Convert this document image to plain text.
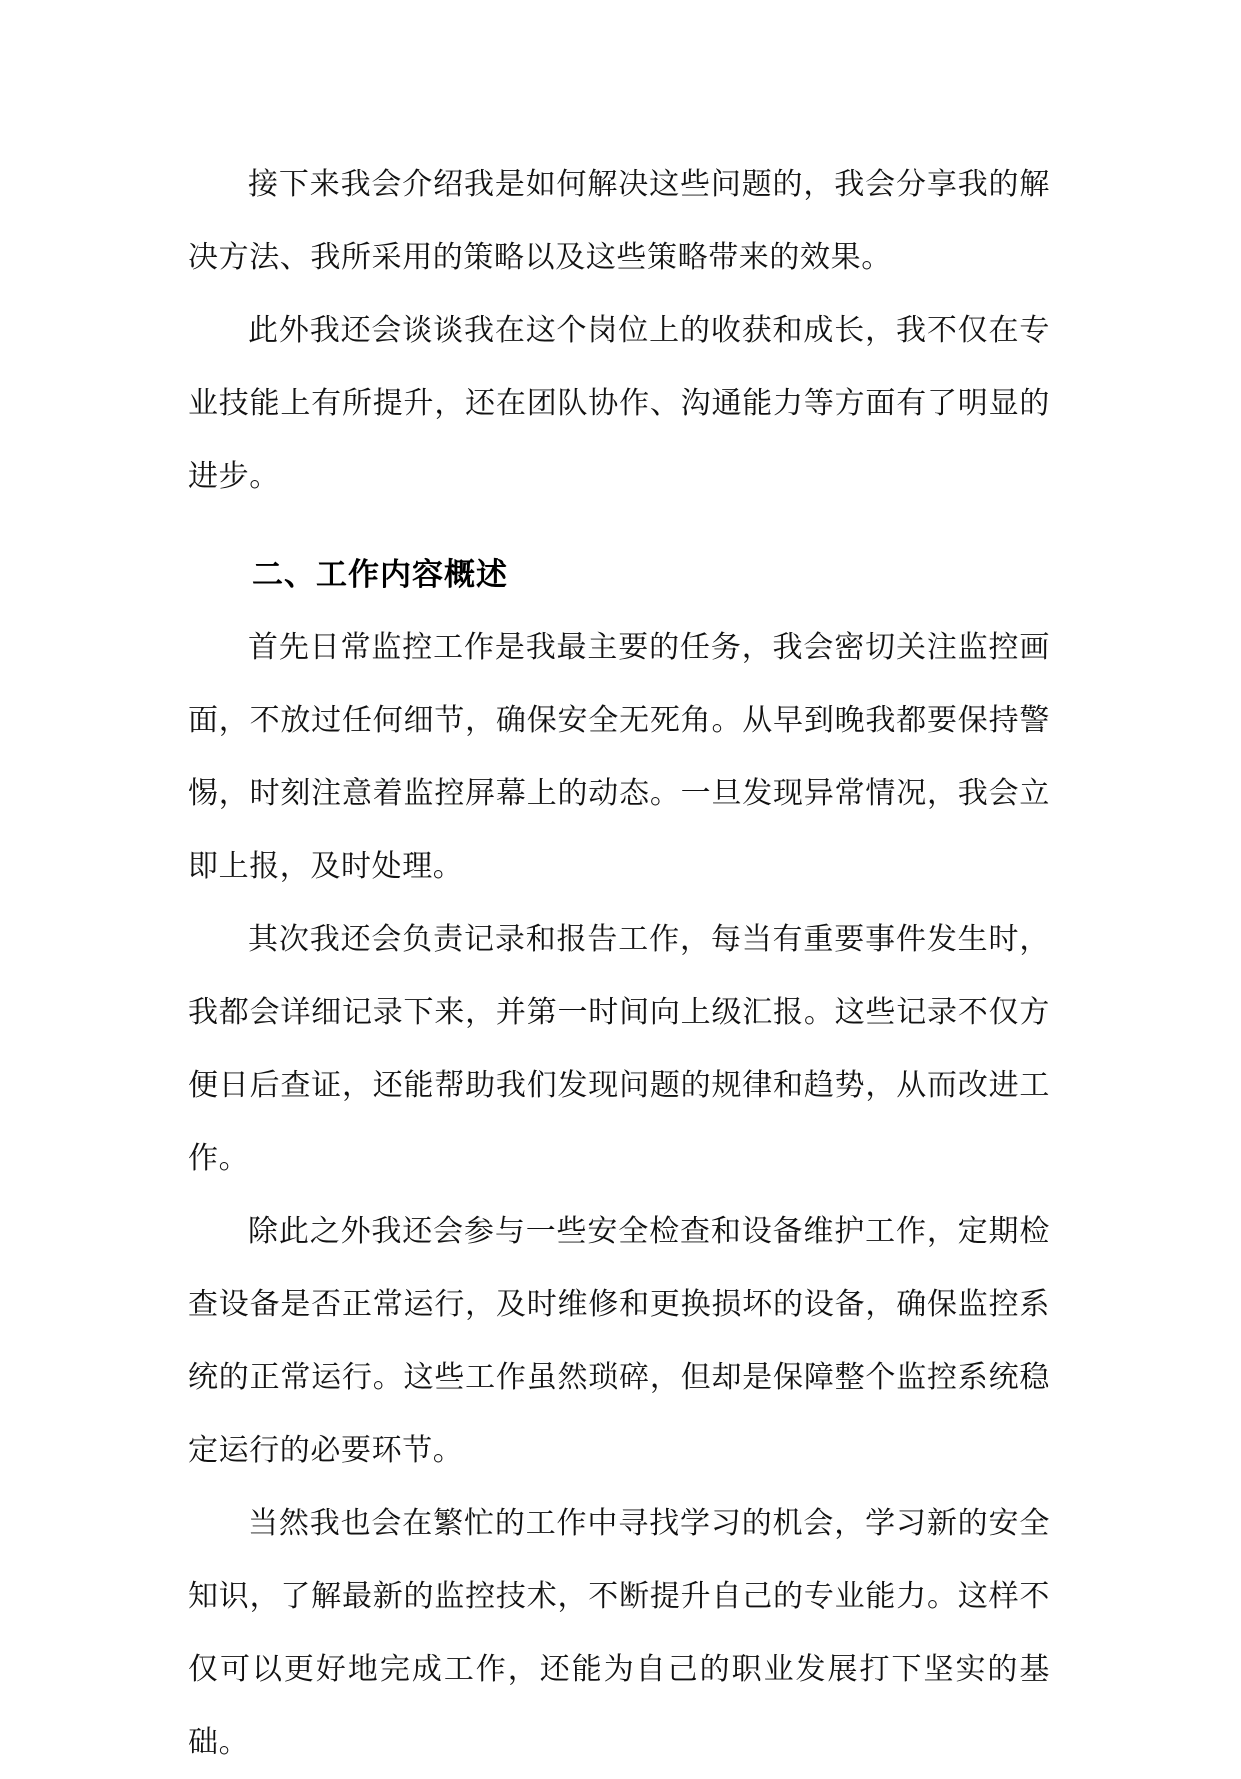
接下来我会介绍我是如何解决这些问题的，我会分享我的解决方法、我所采用的策略以及这些策略带来的效果。

此外我还会谈谈我在这个岗位上的收获和成长，我不仅在专业技能上有所提升，还在团队协作、沟通能力等方面有了明显的进步。

二、工作内容概述

首先日常监控工作是我最主要的任务，我会密切关注监控画面，不放过任何细节，确保安全无死角。从早到晚我都要保持警惕，时刻注意着监控屏幕上的动态。一旦发现异常情况，我会立即上报，及时处理。

其次我还会负责记录和报告工作，每当有重要事件发生时，我都会详细记录下来，并第一时间向上级汇报。这些记录不仅方便日后查证，还能帮助我们发现问题的规律和趋势，从而改进工作。

除此之外我还会参与一些安全检查和设备维护工作，定期检查设备是否正常运行，及时维修和更换损坏的设备，确保监控系统的正常运行。这些工作虽然琐碎，但却是保障整个监控系统稳定运行的必要环节。

当然我也会在繁忙的工作中寻找学习的机会，学习新的安全知识，了解最新的监控技术，不断提升自己的专业能力。这样不仅可以更好地完成工作，还能为自己的职业发展打下坚实的基础。
